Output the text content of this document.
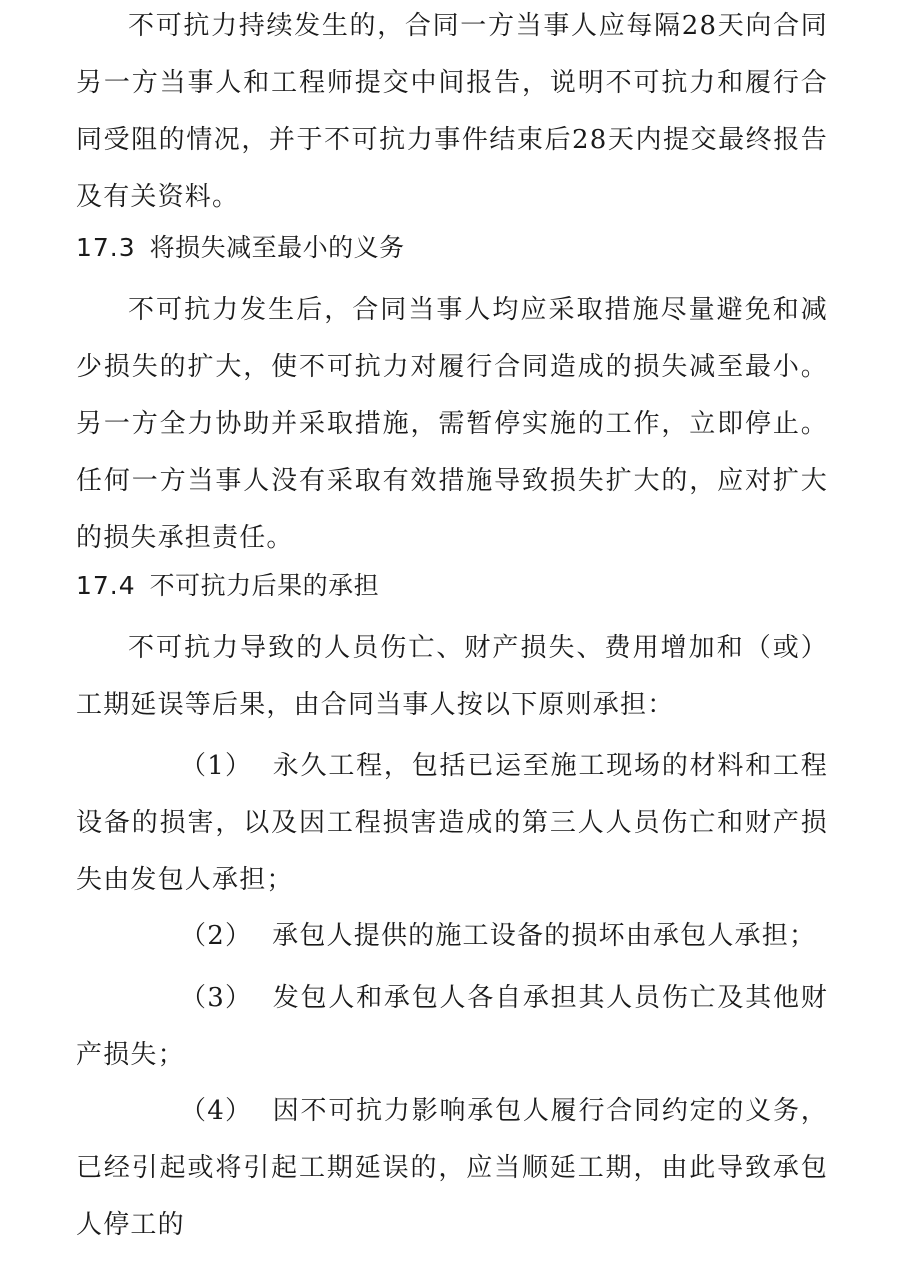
不可抗力持续发生的，合同一方当事人应每隔28天向合同另一方当事人和工程师提交中间报告，说明不可抗力和履行合同受阻的情况，并于不可抗力事件结束后28天内提交最终报告及有关资料。

17.3 将损失减至最小的义务

不可抗力发生后，合同当事人均应采取措施尽量避免和减少损失的扩大，使不可抗力对履行合同造成的损失减至最小。另一方全力协助并采取措施，需暂停实施的工作，立即停止。任何一方当事人没有采取有效措施导致损失扩大的，应对扩大的损失承担责任。

17.4 不可抗力后果的承担

不可抗力导致的人员伤亡、财产损失、费用增加和（或）工期延误等后果，由合同当事人按以下原则承担：

（1） 永久工程，包括已运至施工现场的材料和工程设备的损害，以及因工程损害造成的第三人人员伤亡和财产损失由发包人承担；

（2） 承包人提供的施工设备的损坏由承包人承担；

（3） 发包人和承包人各自承担其人员伤亡及其他财产损失；

（4） 因不可抗力影响承包人履行合同约定的义务，已经引起或将引起工期延误的，应当顺延工期，由此导致承包人停工的
